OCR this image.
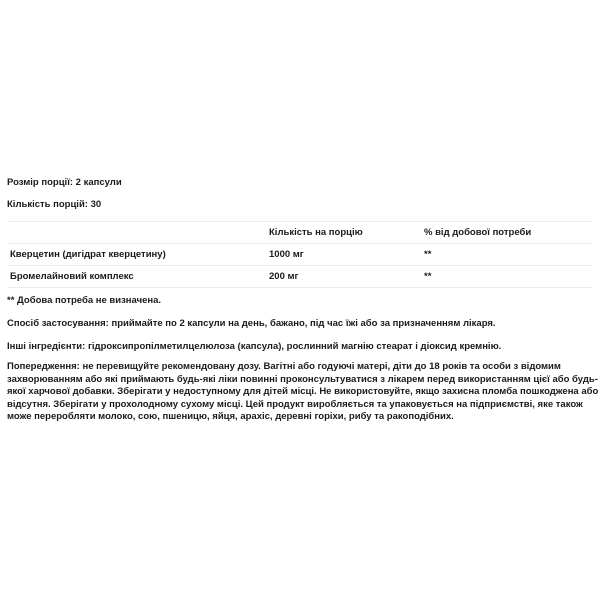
Розмір порції: 2 капсули

Кількість порцій: 30

	Кількість на порцію	% від добової потреби
Кверцетин (дигідрат кверцетину)	1000 мг	**
Бромелайновий комплекс	200 мг	**

** Добова потреба не визначена.

Спосіб застосування: приймайте по 2 капсули на день, бажано, під час їжі або за призначенням лікаря.

Інші інгредієнти: гідроксипропілметилцелюлоза (капсула), рослинний магнію стеарат і діоксид кремнію.

Попередження: не перевищуйте рекомендовану дозу. Вагітні або годуючі матері, діти до 18 років та особи з відомим
захворюванням або які приймають будь-які ліки повинні проконсультуватися з лікарем перед використанням цієї або будь-
якої харчової добавки. Зберігати у недоступному для дітей місці. Не використовуйте, якщо захисна пломба пошкоджена або
відсутня. Зберігати у прохолодному сухому місці. Цей продукт виробляється та упаковується на підприємстві, яке також
може переробляти молоко, сою, пшеницю, яйця, арахіс, деревні горіхи, рибу та ракоподібних.
